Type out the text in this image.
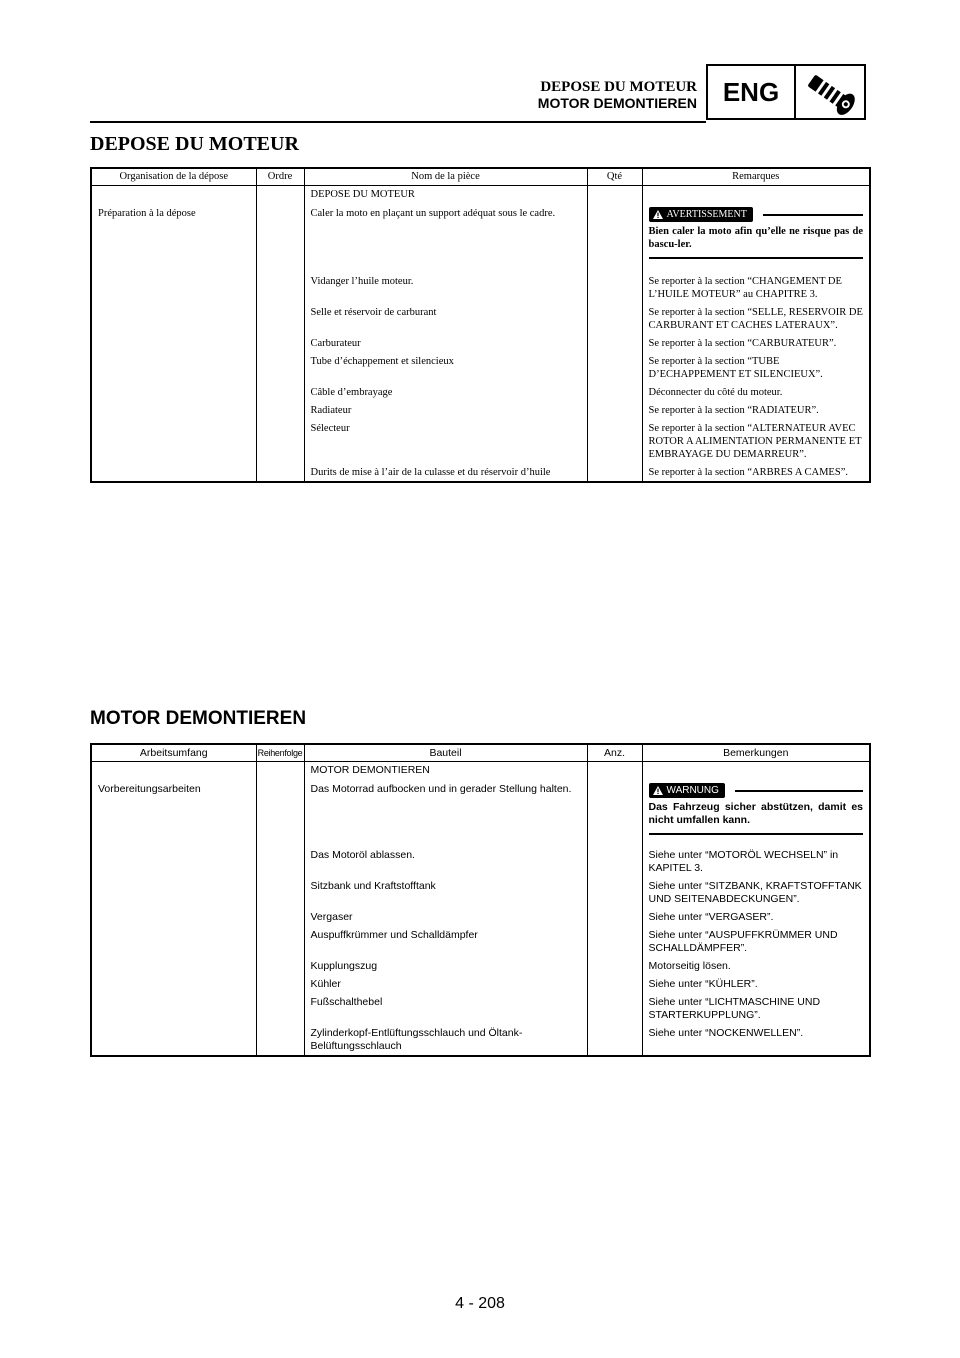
DEPOSE DU MOTEUR
MOTOR DEMONTIEREN ENG
DEPOSE DU MOTEUR
Organisation de la dépose	Ordre	Nom de la pièce	Qté	Remarques
		DEPOSE DU MOTEUR		
Préparation à la dépose		Caler la moto en plaçant un support adéquat sous le cadre.		AVERTISSEMENT
Bien caler la moto afin qu’elle ne risque pas de bascu-ler.

		Vidanger l’huile moteur.		Se reporter à la section “CHANGEMENT DE L’HUILE MOTEUR” au CHAPITRE 3.
		Selle et réservoir de carburant		Se reporter à la section “SELLE, RESERVOIR DE CARBURANT ET CACHES LATERAUX”.
		Carburateur		Se reporter à la section “CARBURATEUR”.
		Tube d’échappement et silencieux		Se reporter à la section “TUBE D’ECHAPPEMENT ET SILENCIEUX”.
		Câble d’embrayage		Déconnecter du côté du moteur.
		Radiateur		Se reporter à la section “RADIATEUR”.
		Sélecteur		Se reporter à la section “ALTERNATEUR AVEC ROTOR A ALIMENTATION PERMANENTE ET EMBRAYAGE DU DEMARREUR”.
		Durits de mise à l’air de la culasse et du réservoir d’huile		Se reporter à la section “ARBRES A CAMES”.
MOTOR DEMONTIEREN
Arbeitsumfang	Reihenfolge	Bauteil	Anz.	Bemerkungen
		MOTOR DEMONTIEREN		
Vorbereitungsarbeiten		Das Motorrad aufbocken und in gerader Stellung halten.		WARNUNG
Das Fahrzeug sicher abstützen, damit es nicht umfallen kann.

		Das Motoröl ablassen.		Siehe unter “MOTORÖL WECHSELN” in KAPITEL 3.
		Sitzbank und Kraftstofftank		Siehe unter “SITZBANK, KRAFTSTOFFTANK UND SEITENABDECKUNGEN”.
		Vergaser		Siehe unter “VERGASER”.
		Auspuffkrümmer und Schalldämpfer		Siehe unter “AUSPUFFKRÜMMER UND SCHALLDÄMPFER”.
		Kupplungszug		Motorseitig lösen.
		Kühler		Siehe unter “KÜHLER”.
		Fußschalthebel		Siehe unter “LICHTMASCHINE UND STARTERKUPPLUNG”.
		Zylinderkopf-Entlüftungsschlauch und Öltank-Belüftungsschlauch		Siehe unter “NOCKENWELLEN”.
4 - 208
